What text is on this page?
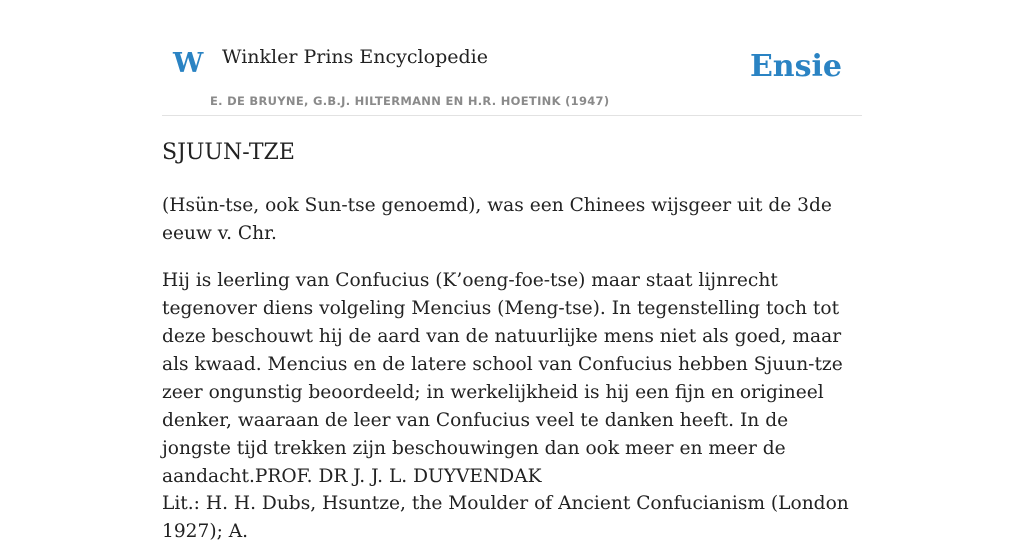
W Winkler Prins Encyclopedie
E. DE BRUYNE, G.B.J. HILTERMANN EN H.R. HOETINK (1947)
Ensie
SJUUN-TZE

(Hsün-tse, ook Sun-tse genoemd), was een Chinees wijsgeer uit de 3de eeuw v. Chr.

Hij is leerling van Confucius (K’oeng-foe-tse) maar staat lijnrecht tegenover diens volgeling Mencius (Meng-tse). In tegenstelling toch tot deze beschouwt hij de aard van de natuurlijke mens niet als goed, maar als kwaad. Mencius en de latere school van Confucius hebben Sjuun-tze zeer ongunstig beoordeeld; in werkelijkheid is hij een fijn en origineel denker, waaraan de leer van Confucius veel te danken heeft. In de jongste tijd trekken zijn beschouwingen dan ook meer en meer de aandacht.PROF. DR J. J. L. DUYVENDAK

Lit.: H. H. Dubs, Hsuntze, the Moulder of Ancient Confucianism (London 1927); A.
